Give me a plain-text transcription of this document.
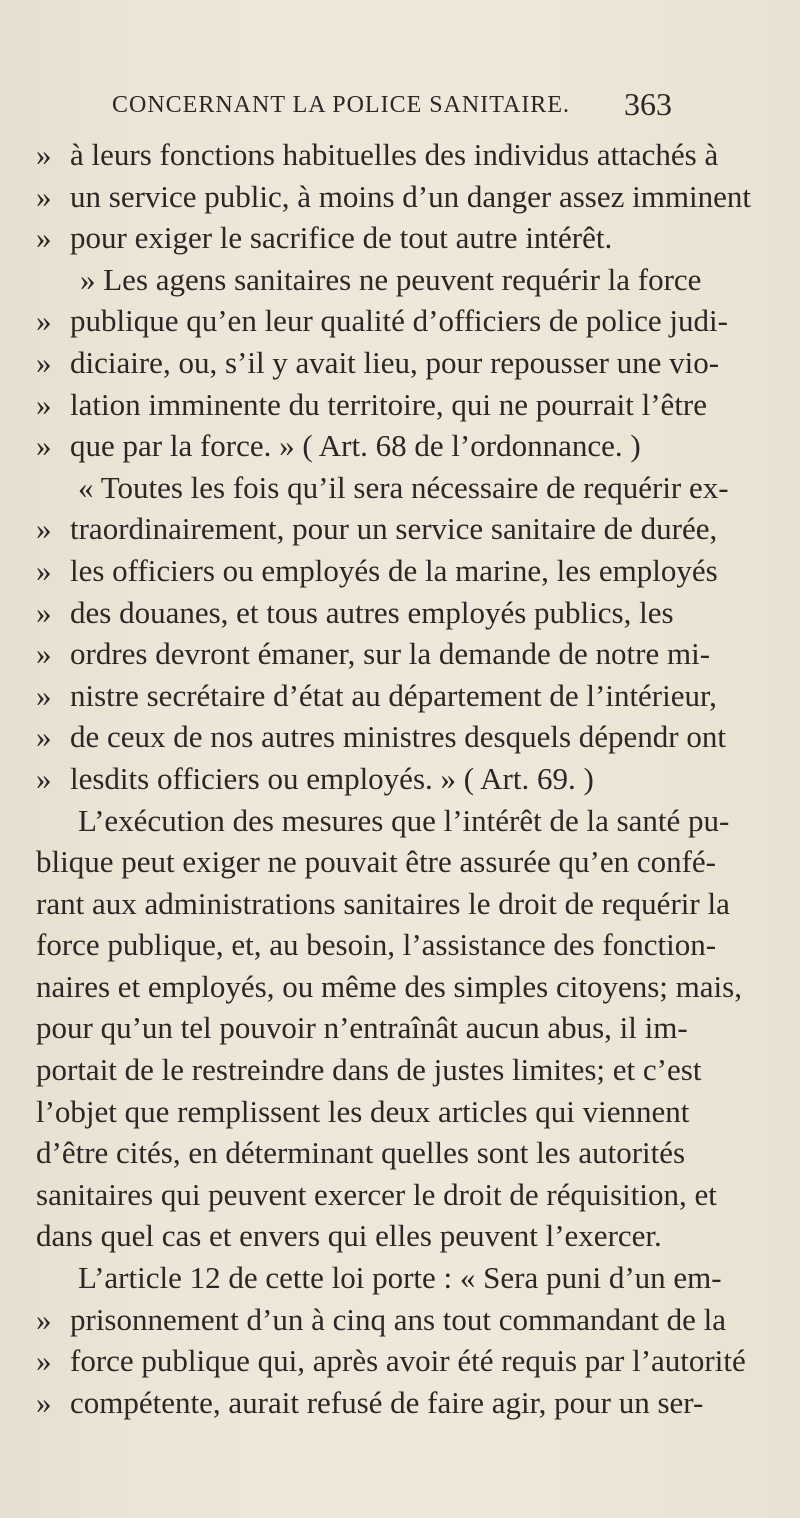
CONCERNANT LA POLICE SANITAIRE. 363
» à leurs fonctions habituelles des individus attachés à
» un service public, à moins d’un danger assez imminent
» pour exiger le sacrifice de tout autre intérêt.
» Les agens sanitaires ne peuvent requérir la force
» publique qu’en leur qualité d’officiers de police judi-
» diciaire, ou, s’il y avait lieu, pour repousser une vio-
» lation imminente du territoire, qui ne pourrait l’être
» que par la force. » ( Art. 68 de l’ordonnance. )
« Toutes les fois qu’il sera nécessaire de requérir ex-
» traordinairement, pour un service sanitaire de durée,
» les officiers ou employés de la marine, les employés
» des douanes, et tous autres employés publics, les
» ordres devront émaner, sur la demande de notre mi-
» nistre secrétaire d’état au département de l’intérieur,
» de ceux de nos autres ministres desquels dépendr ont
» lesdits officiers ou employés. » ( Art. 69. )
L’exécution des mesures que l’intérêt de la santé pu-
blique peut exiger ne pouvait être assurée qu’en confé-
rant aux administrations sanitaires le droit de requérir la
force publique, et, au besoin, l’assistance des fonction-
naires et employés, ou même des simples citoyens; mais,
pour qu’un tel pouvoir n’entraînât aucun abus, il im-
portait de le restreindre dans de justes limites; et c’est
l’objet que remplissent les deux articles qui viennent
d’être cités, en déterminant quelles sont les autorités
sanitaires qui peuvent exercer le droit de réquisition, et
dans quel cas et envers qui elles peuvent l’exercer.
L’article 12 de cette loi porte : « Sera puni d’un em-
» prisonnement d’un à cinq ans tout commandant de la
» force publique qui, après avoir été requis par l’autorité
» compétente, aurait refusé de faire agir, pour un ser-
